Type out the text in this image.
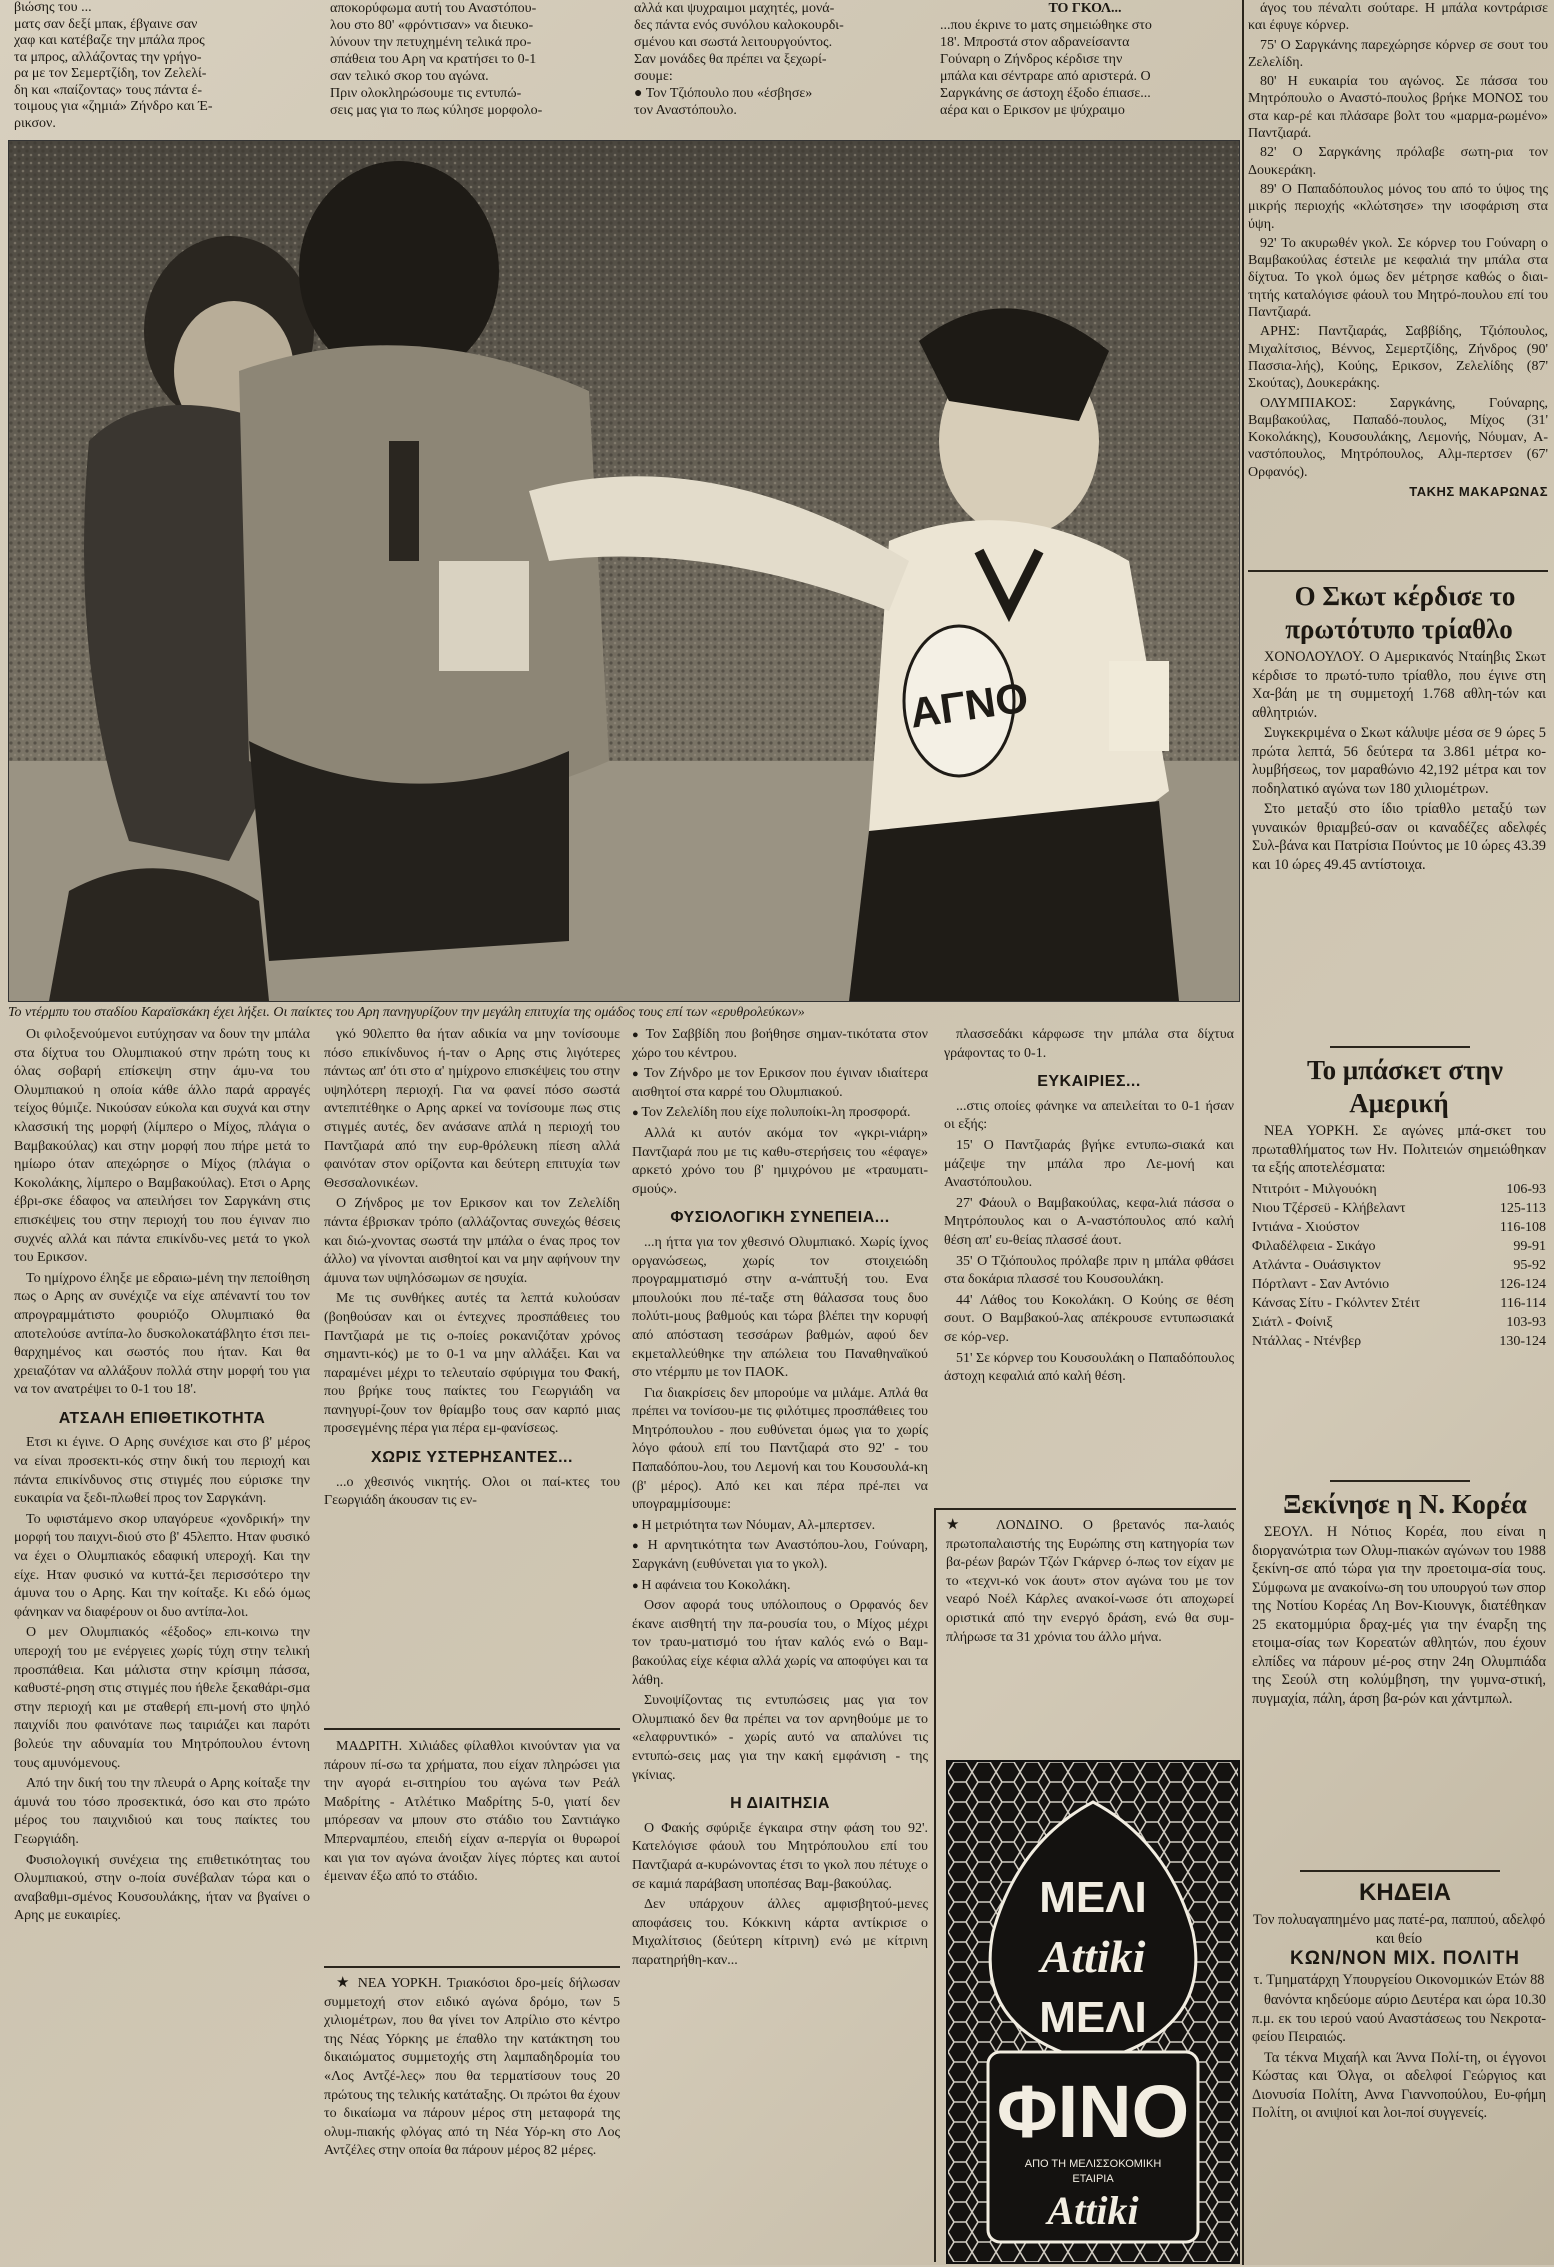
βιώσης του ...
ματς σαν δεξί μπακ, έβγαινε σαν
χαφ και κατέβαζε την μπάλα προς
τα μπρος, αλλάζοντας την γρήγο-
ρα με τον Σεμερτζίδη, τον Ζελελί-
δη και «παίζοντας» τους πάντα έ-
τοιμους για «ζημιά» Ζήνδρο και Έ-
ρικσον.
αποκορύφωμα αυτή του Αναστόπου-
λου στο 80' «φρόντισαν» να διευκο-
λύνουν την πετυχημένη τελικά προ-
σπάθεια του Αρη να κρατήσει το 0-1
σαν τελικό σκορ του αγώνα.
Πριν ολοκληρώσουμε τις εντυπώ-
σεις μας για το πως κύλησε μορφολο-
αλλά και ψυχραιμοι μαχητές, μονά-
δες πάντα ενός συνόλου καλοκουρδι-
σμένου και σωστά λειτουργούντος.
Σαν μονάδες θα πρέπει να ξεχωρί-
σουμε:
● Τον Τζιόπουλο που «έσβησε»
τον Αναστόπουλο.
ΤΟ ΓΚΟΛ...
...που έκρινε το ματς σημειώθηκε στο
18'. Μπροστά στον αδρανείσαντα
Γούναρη ο Ζήνδρος κέρδισε την
μπάλα και σέντραρε από αριστερά. Ο
Σαργκάνης σε άστοχη έξοδο έπιασε...
αέρα και ο Ερικσον με ψύχραιμο
ΑΓΝΟ
Το ντέρμπυ του σταδίου Καραϊσκάκη έχει λήξει. Οι παίκτες του Αρη πανηγυρίζουν την μεγάλη επιτυχία της ομάδος τους επί των «ερυθρολεύκων»

άγος του πέναλτι σούταρε. Η μπάλα κοντράρισε και έφυγε κόρνερ.

75' Ο Σαργκάνης παρεχώρησε κόρνερ σε σουτ του Ζελελίδη.

80' Η ευκαιρία του αγώνος. Σε πάσσα του Μητρόπουλο ο Αναστό-πουλος βρήκε ΜΟΝΟΣ του στα καρ-ρέ και πλάσαρε βολτ του «μαρμα-ρωμένο» Παντζιαρά.

82' Ο Σαργκάνης πρόλαβε σωτη-ρια τον Δουκεράκη.

89' Ο Παπαδόπουλος μόνος του από το ύψος της μικρής περιοχής «κλώτσησε» την ισοφάριση στα ύψη.

92' Το ακυρωθέν γκολ. Σε κόρνερ του Γούναρη ο Βαμβακούλας έστειλε με κεφαλιά την μπάλα στα δίχτυα. Το γκολ όμως δεν μέτρησε καθώς ο διαι-τητής καταλόγισε φάουλ του Μητρό-πουλου επί του Παντζιαρά.

ΑΡΗΣ: Παντζιαράς, Σαββίδης, Τζιόπουλος, Μιχαλίτσιος, Βέννος, Σεμερτζίδης, Ζήνδρος (90' Πασσια-λής), Κούης, Ερικσον, Ζελελίδης (87' Σκούτας), Δουκεράκης.

ΟΛΥΜΠΙΑΚΟΣ: Σαργκάνης, Γούναρης, Βαμβακούλας, Παπαδό-πουλος, Μίχος (31' Κοκολάκης), Κουσουλάκης, Λεμονής, Νόυμαν, Α-ναστόπουλος, Μητρόπουλος, Αλμ-περτσεν (67' Ορφανός).

ΤΑΚΗΣ ΜΑΚΑΡΩΝΑΣ

Ο Σκωτ κέρδισε το πρωτότυπο τρίαθλο

ΧΟΝΟΛΟΥΛΟΥ. Ο Αμερικανός Νταίηβις Σκωτ κέρδισε το πρωτό-τυπο τρίαθλο, που έγινε στη Χα-βάη με τη συμμετοχή 1.768 αθλη-τών και αθλητριών.

Συγκεκριμένα ο Σκωτ κάλυψε μέσα σε 9 ώρες 5 πρώτα λεπτά, 56 δεύτερα τα 3.861 μέτρα κο-λυμβήσεως, τον μαραθώνιο 42,192 μέτρα και τον ποδηλατικό αγώνα των 180 χιλιομέτρων.

Στο μεταξύ στο ίδιο τρίαθλο μεταξύ των γυναικών θριαμβεύ-σαν οι καναδέζες αδελφές Συλ-βάνα και Πατρίσια Πούντος με 10 ώρες 43.39 και 10 ώρες 49.45 αντίστοιχα.

Το μπάσκετ στην Αμερική

ΝΕΑ ΥΟΡΚΗ. Σε αγώνες μπά-σκετ του πρωταθλήματος των Ην. Πολιτειών σημειώθηκαν τα εξής αποτελέσματα:

Ντιτρόιτ - Μιλγουόκη	106-93
Νιου Τζέρσεϋ - Κλήβελαντ	125-113
Ιντιάνα - Χιούστον	116-108
Φιλαδέλφεια - Σικάγο	99-91
Ατλάντα - Ουάσιγκτον	95-92
Πόρτλαντ - Σαν Αντόνιο	126-124
Κάνσας Σίτυ - Γκόλντεν Στέιτ	116-114
Σιάτλ - Φοίνιξ	103-93
Ντάλλας - Ντένβερ	130-124

Ξεκίνησε η Ν. Κορέα

ΣΕΟΥΛ. Η Νότιος Κορέα, που είναι η διοργανώτρια των Ολυμ-πιακών αγώνων του 1988 ξεκίνη-σε από τώρα για την προετοιμα-σία τους. Σύμφωνα με ανακοίνω-ση του υπουργού των σπορ της Νοτίου Κορέας Λη Βον-Κιουνγκ, διατέθηκαν 25 εκατομμύρια δραχ-μές για την έναρξη της ετοιμα-σίας των Κορεατών αθλητών, που έχουν ελπίδες να πάρουν μέ-ρος στην 24η Ολυμπιάδα της Σεούλ στη κολύμβηση, την γυμνα-στική, πυγμαχία, πάλη, άρση βα-ρών και χάντμπωλ.

ΚΗΔΕΙΑ

Τον πολυαγαπημένο μας πατέ-ρα, παππού, αδελφό και θείο

ΚΩΝ/ΝΟΝ ΜΙΧ. ΠΟΛΙΤΗ

τ. Τμηματάρχη Υπουργείου Οικονομικών Ετών 88

θανόντα κηδεύομε αύριο Δευτέρα και ώρα 10.30 π.μ. εκ του ιερού ναού Αναστάσεως του Νεκροτα-φείου Πειραιώς.

Τα τέκνα Μιχαήλ και Άννα Πολί-τη, οι έγγονοι Κώστας και Όλγα, οι αδελφοί Γεώργιος και Διονυσία Πολίτη, Αννα Γιαννοπούλου, Ευ-φήμη Πολίτη, οι ανιψιοί και λοι-ποί συγγενείς.

Οι φιλοξενούμενοι ευτύχησαν να δουν την μπάλα στα δίχτυα του Ολυμπιακού στην πρώτη τους κι όλας σοβαρή επίσκεψη στην άμυ-να του Ολυμπιακού η οποία κάθε άλλο παρά αρραγές τείχος θύμιζε. Νικούσαν εύκολα και συχνά και στην κλασσική της μορφή (λίμπερο ο Μίχος, πλάγια ο Βαμβακούλας) και στην μορφή που πήρε μετά το ημίωρο όταν απεχώρησε ο Μίχος (πλάγια ο Κοκολάκης, λίμπερο ο Βαμβακούλας). Ετσι ο Αρης έβρι-σκε έδαφος να απειλήσει τον Σαργκάνη στις επισκέψεις του στην περιοχή του που έγιναν πιο συχνές αλλά και πάντα επικίνδυ-νες μετά το γκολ του Ερικσον.

Το ημίχρονο έληξε με εδραιω-μένη την πεποίθηση πως ο Αρης αν συνέχιζε να είχε απέναντί του τον απρογραμμάτιστο φουριόζο Ολυμπιακό θα αποτελούσε αντίπα-λο δυσκολοκατάβλητο έτσι πει-θαρχημένος και σωστός που ήταν. Και θα χρειαζόταν να αλλάξουν πολλά στην μορφή του για να τον ανατρέψει το 0-1 του 18'.

ΑΤΣΑΛΗ ΕΠΙΘΕΤΙΚΟΤΗΤΑ

Ετσι κι έγινε. Ο Αρης συνέχισε και στο β' μέρος να είναι προσεκτι-κός στην δική του περιοχή και πάντα επικίνδυνος στις στιγμές που εύρισκε την ευκαιρία να ξεδι-πλωθεί προς τον Σαργκάνη.

Το υφιστάμενο σκορ υπαγόρευε «χονδρική» την μορφή του παιχνι-διού στο β' 45λεπτο. Ηταν φυσικό να έχει ο Ολυμπιακός εδαφική υπεροχή. Και την είχε. Ηταν φυσικό να κυττά-ξει περισσότερο την άμυνα του ο Αρης. Και την κοίταξε. Κι εδώ όμως φάνηκαν να διαφέρουν οι δυο αντίπα-λοι.

Ο μεν Ολυμπιακός «έξοδος» επι-κοινω την υπεροχή του με ενέργειες χωρίς τύχη στην τελική προσπάθεια. Και μάλιστα στην κρίσιμη πάσσα, καθυστέ-ρηση στις στιγμές που ήθελε ξεκαθάρι-σμα στην περιοχή και με σταθερή επι-μονή στο ψηλό παιχνίδι που φαινότανε πως ταιριάζει και παρότι βολεύε την αδυναμία του Μητρόπουλου έντονη τους αμυνόμενους.

Από την δική του την πλευρά ο Αρης κοίταξε την άμυνά του τόσο προσεκτικά, όσο και στο πρώτο μέρος του παιχνιδιού και τους παίκτες του Γεωργιάδη.

Φυσιολογική συνέχεια της επιθετικότητας του Ολυμπιακού, στην ο-ποία συνέβαλαν τώρα και ο αναβαθμι-σμένος Κουσουλάκης, ήταν να βγαίνει ο Αρης με ευκαιρίες.

γκό 90λεπτο θα ήταν αδικία να μην τονίσουμε πόσο επικίνδυνος ή-ταν ο Αρης στις λιγότερες πάντως απ' ότι στο α' ημίχρονο επισκέψεις του στην υψηλότερη περιοχή. Για να φανεί πόσο σωστά αντεπιτέθηκε ο Αρης αρκεί να τονίσουμε πως στις στιγμές αυτές, δεν ανάσανε απλά η περιοχή του Παντζιαρά από την ευρ-θρόλευκη πίεση αλλά φαινόταν στον ορίζοντα και δεύτερη επιτυχία των Θεσσαλονικέων.

Ο Ζήνδρος με τον Ερικσον και τον Ζελελίδη πάντα έβρισκαν τρόπο (αλλάζοντας συνεχώς θέσεις και διώ-χνοντας σωστά την μπάλα ο ένας προς τον άλλο) να γίνονται αισθητοί και να μην αφήνουν την άμυνα των υψηλόσωμων σε ησυχία.

Με τις συνθήκες αυτές τα λεπτά κυλούσαν (βοηθούσαν και οι έντεχνες προσπάθειες του Παντζιαρά με τις ο-ποίες ροκανιζόταν χρόνος σημαντι-κός) με το 0-1 να μην αλλάξει. Και να παραμένει μέχρι το τελευταίο σφύριγμα του Φακή, που βρήκε τους παίκτες του Γεωργιάδη να πανηγυρί-ζουν τον θρίαμβο τους σαν καρπό μιας προσεγμένης πέρα για πέρα εμ-φανίσεως.

ΧΩΡΙΣ ΥΣΤΕΡΗΣΑΝΤΕΣ...

...ο χθεσινός νικητής. Ολοι οι παί-κτες του Γεωργιάδη άκουσαν τις εν-

● Τον Σαββίδη που βοήθησε σημαν-τικότατα στον χώρο του κέντρου.

● Τον Ζήνδρο με τον Ερικσον που έγιναν ιδιαίτερα αισθητοί στα καρρέ του Ολυμπιακού.

● Τον Ζελελίδη που είχε πολυποίκι-λη προσφορά.

Αλλά κι αυτόν ακόμα τον «γκρι-νιάρη» Παντζιαρά που με τις καθυ-στερήσεις του «έφαγε» αρκετό χρόνο του β' ημιχρόνου με «τραυματι-σμούς».

ΦΥΣΙΟΛΟΓΙΚΗ ΣΥΝΕΠΕΙΑ...

...η ήττα για τον χθεσινό Ολυμπιακό. Χωρίς ίχνος οργανώσεως, χωρίς τον στοιχειώδη προγραμματισμό στην α-νάπτυξή του. Ενα μπουλούκι που πέ-ταξε στη θάλασσα τους δυο πολύτι-μους βαθμούς και τώρα βλέπει την κορυφή από απόσταση τεσσάρων βαθμών, αφού δεν εκμεταλλεύθηκε την απώλεια του Παναθηναϊκού στο ντέρμπυ με τον ΠΑΟΚ.

Για διακρίσεις δεν μπορούμε να μιλάμε. Απλά θα πρέπει να τονίσου-με τις φιλότιμες προσπάθειες του Μητρόπουλου - που ευθύνεται όμως για το χωρίς λόγο φάουλ επί του Παντζιαρά στο 92' - του Παπαδόπου-λου, του Λεμονή και του Κουσουλά-κη (β' μέρος). Από κει και πέρα πρέ-πει να υπογραμμίσουμε:

● Η μετριότητα των Νόυμαν, Αλ-μπερτσεν.

● Η αρνητικότητα των Αναστόπου-λου, Γούναρη, Σαργκάνη (ευθύνεται για το γκολ).

● Η αφάνεια του Κοκολάκη.

Οσον αφορά τους υπόλοιπους ο Ορφανός δεν έκανε αισθητή την πα-ρουσία του, ο Μίχος μέχρι τον τραυ-ματισμό του ήταν καλός ενώ ο Βαμ-βακούλας είχε κέφια αλλά χωρίς να αποφύγει και τα λάθη.

Συνοψίζοντας τις εντυπώσεις μας για τον Ολυμπιακό δεν θα πρέπει να τον αρνηθούμε με το «ελαφρυντικό» - χωρίς αυτό να απαλύνει τις εντυπώ-σεις μας για την κακή εμφάνιση - της γκίνιας.

Η ΔΙΑΙΤΗΣΙΑ

Ο Φακής σφύριξε έγκαιρα στην φάση του 92'. Κατελόγισε φάουλ του Μητρόπουλου επί του Παντζιαρά α-κυρώνοντας έτσι το γκολ που πέτυχε ο σε καμιά παράβαση υποπέσας Βαμ-βακούλας.

Δεν υπάρχουν άλλες αμφισβητού-μενες αποφάσεις του. Κόκκινη κάρτα αντίκρισε ο Μιχαλίτσιος (δεύτερη κίτρινη) ενώ με κίτρινη παρατηρήθη-καν...

πλασσεδάκι κάρφωσε την μπάλα στα δίχτυα γράφοντας το 0-1.

ΕΥΚΑΙΡΙΕΣ...

...στις οποίες φάνηκε να απειλείται το 0-1 ήσαν οι εξής:

15' Ο Παντζιαράς βγήκε εντυπω-σιακά και μάζεψε την μπάλα προ Λε-μονή και Αναστόπουλου.

27' Φάουλ ο Βαμβακούλας, κεφα-λιά πάσσα ο Μητρόπουλος και ο Α-ναστόπουλος από καλή θέση απ' ευ-θείας πλασσέ άουτ.

35' Ο Τζιόπουλος πρόλαβε πριν η μπάλα φθάσει στα δοκάρια πλασσέ του Κουσουλάκη.

44' Λάθος του Κοκολάκη. Ο Κούης σε θέση σουτ. Ο Βαμβακού-λας απέκρουσε εντυπωσιακά σε κόρ-νερ.

51' Σε κόρνερ του Κουσουλάκη ο Παπαδόπουλος άστοχη κεφαλιά από καλή θέση.

ΜΑΔΡΙΤΗ. Χιλιάδες φίλαθλοι κινούνταν για να πάρουν πί-σω τα χρήματα, που είχαν πληρώσει για την αγορά ει-σιτηρίου του αγώνα των Ρεάλ Μαδρίτης - Ατλέτικο Μαδρίτης 5-0, γιατί δεν μπόρεσαν να μπουν στο στάδιο του Σαντιάγκο Μπερναμπέου, επειδή είχαν α-περγία οι θυρωροί και για τον αγώνα άνοιξαν λίγες πόρτες και αυτοί έμειναν έξω από το στάδιο.

★ ΝΕΑ ΥΟΡΚΗ. Τριακόσιοι δρο-μείς δήλωσαν συμμετοχή στον ειδικό αγώνα δρόμο, των 5 χιλιομέτρων, που θα γίνει τον Απρίλιο στο κέντρο της Νέας Υόρκης με έπαθλο την κατάκτηση του δικαιώματος συμμετοχής στη λαμπαδηδρομία του «Λος Αντζέ-λες» που θα τερματίσουν τους 20 πρώτους της τελικής κατάταξης. Οι πρώτοι θα έχουν το δικαίωμα να πάρουν μέρος στη μεταφορά της ολυμ-πιακής φλόγας από τη Νέα Υόρ-κη στο Λος Αντζέλες στην οποία θα πάρουν μέρος 82 μέρες.

★ ΛΟΝΔΙΝΟ. Ο βρετανός πα-λαιός πρωτοπαλαιστής της Ευρώπης στη κατηγορία των βα-ρέων βαρών Τζών Γκάρνερ ό-πως τον είχαν με το «τεχνι-κό νοκ άουτ» στον αγώνα του με τον νεαρό Νοέλ Κάρλες ανακοί-νωσε ότι αποχωρεί οριστικά από την ενεργό δράση, ενώ θα συμ-πλήρωσε τα 31 χρόνια του άλλο μήνα.

ΜΕΛΙ
Attiki
ΜΕΛΙ
ΦΙΝΟ
ΑΠΟ ΤΗ ΜΕΛΙΣΣΟΚΟΜΙΚΗ
ΕΤΑΙΡΙΑ
Attiki
